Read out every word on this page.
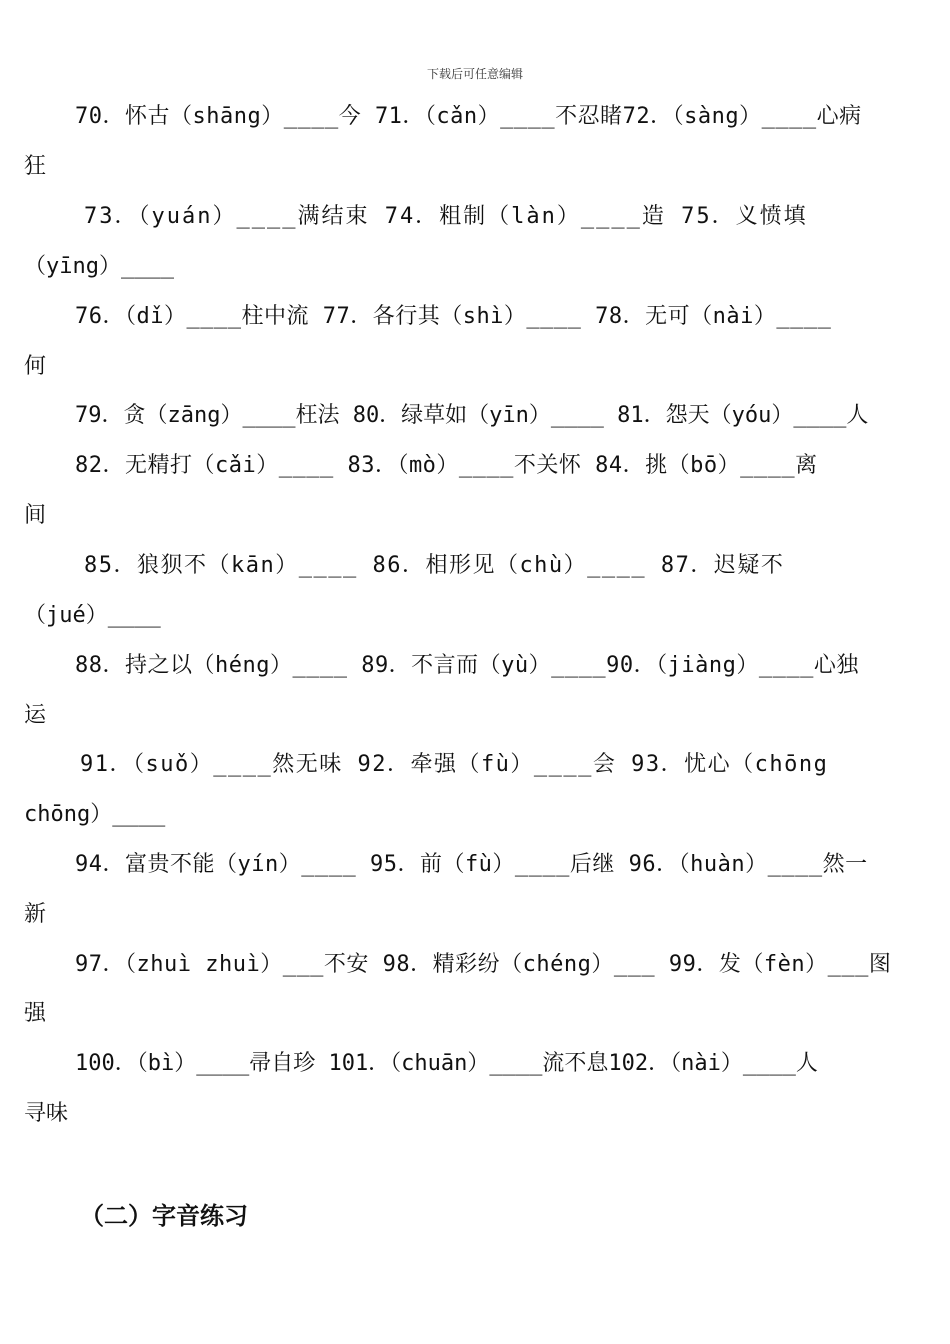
下载后可任意编辑
70．怀古（shāng）____今 71．（cǎn）____不忍睹72．（sàng）____心病
狂
73．（yuán）____满结束 74．粗制（làn）____造 75．义愤填
（yīng）____
76．（dǐ）____柱中流 77．各行其（shì）____ 78．无可（nài）____
何
79．贪（zāng）____枉法 80．绿草如（yīn）____ 81．怨天（yóu）____人
82．无精打（cǎi）____ 83．（mò）____不关怀 84．挑（bō）____离
间
85．狼狈不（kān）____ 86．相形见（chù）____ 87．迟疑不
（jué）____
88．持之以（héng）____ 89．不言而（yù）____90．（jiàng）____心独
运
91．（suǒ）____然无味 92．牵强（fù）____会 93．忧心（chōng
chōng）____
94．富贵不能（yín）____ 95．前（fù）____后继 96．（huàn）____然一
新
97．（zhuì zhuì）___不安 98．精彩纷（chéng）___ 99．发（fèn）___图
强
100．（bì）____帚自珍 101．（chuān）____流不息102．（nài）____人
寻味
（二）字音练习
